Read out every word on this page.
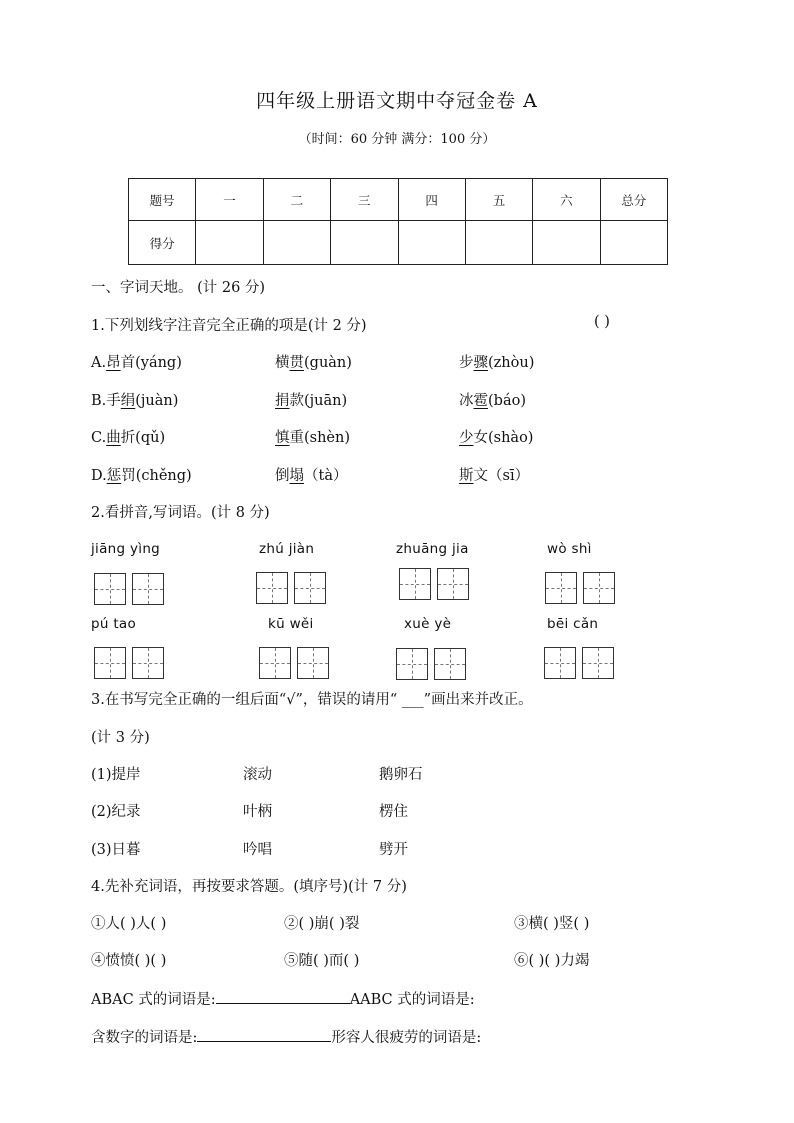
四年级上册语文期中夺冠金卷 A
（时间：60 分钟 满分：100 分）
题号	一	二	三	四	五	六	总分
得分							
一、字词天地。 (计 26 分)
1.下列划线字注音完全正确的项是(计 2 分)	( )
A.昂首(yáng)	横贯(guàn)	步骤(zhòu)
B.手绢(juàn)	捐款(juān)	冰雹(báo)
C.曲折(qǔ)	慎重(shèn)	少女(shào)
D.惩罚(chěng)	倒塌（tà）	斯文（sī）
2.看拼音,写词语。(计 8 分)
jiāng yìng	zhú jiàn	zhuāng jia	wò shì
pú tao	kū wěi	xuè yè	bēi cǎn
3.在书写完全正确的一组后面“√”，错误的请用“ ___”画出来并改正。
(计 3 分)
(1)提岸	滚动	鹅卵石
(2)纪录	叶柄	楞住
(3)日暮	吟唱	劈开
4.先补充词语，再按要求答题。(填序号)(计 7 分)
①人( )人( )	②( )崩( )裂	③横( )竖( )
④愤愤( )( )	⑤随( )而( )	⑥( )( )力竭
ABAC 式的词语是:	AABC 式的词语是:
含数字的词语是:	形容人很疲劳的词语是:
